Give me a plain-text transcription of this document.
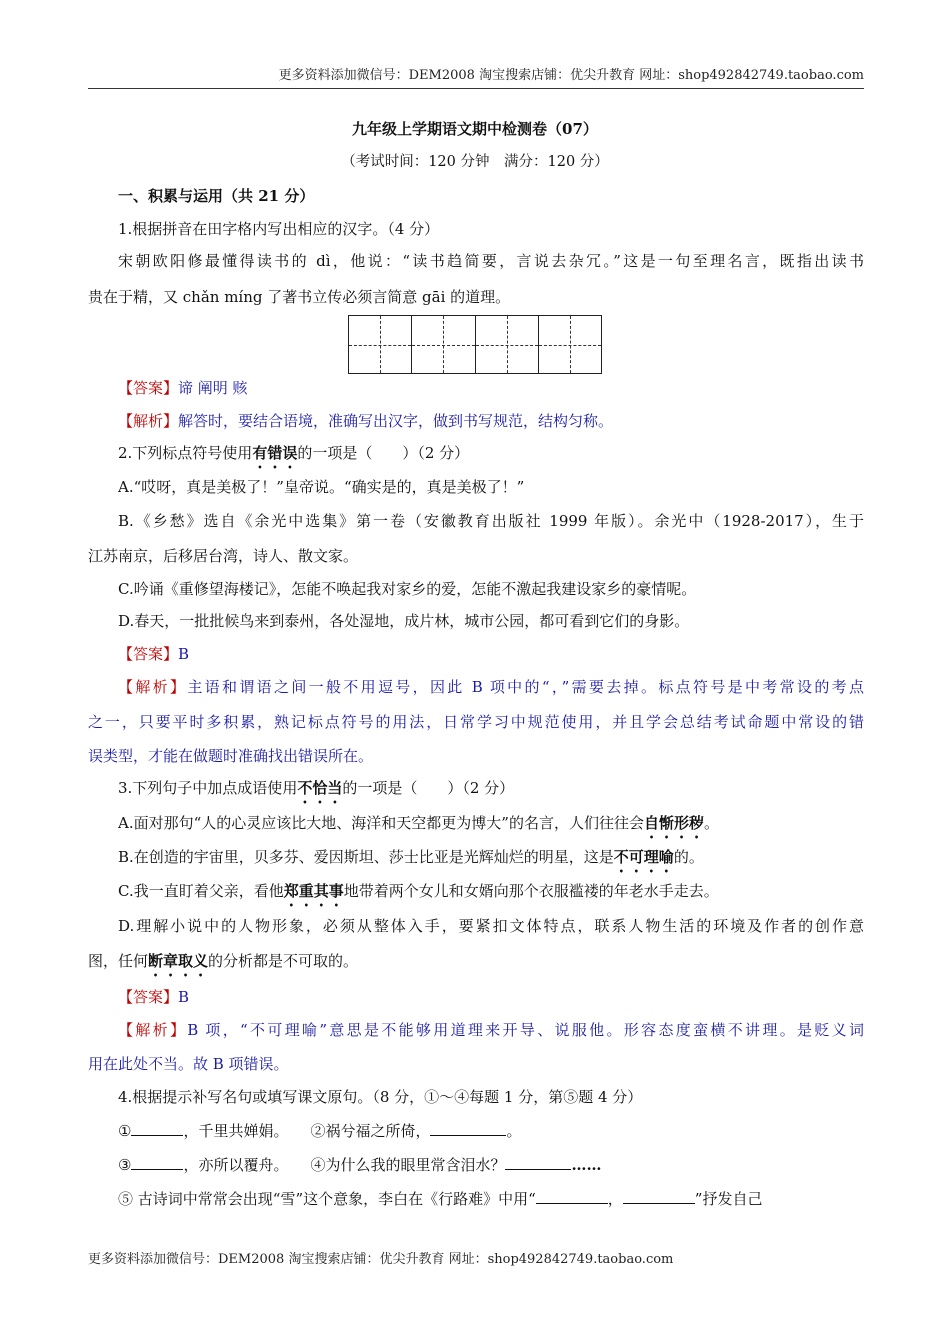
更多资料添加微信号：DEM2008 淘宝搜索店铺：优尖升教育 网址：shop492842749.taobao.com
九年级上学期语文期中检测卷（07）
（考试时间：120 分钟　满分：120 分）
一、积累与运用（共 21 分）
1.根据拼音在田字格内写出相应的汉字。（4 分）
宋朝欧阳修最懂得读书的 dì，他说：“读书趋简要，言说去杂冗。”这是一句至理名言，既指出读书
贵在于精，又 chǎn míng 了著书立传必须言简意 gāi 的道理。
【答案】谛 阐明 赅
【解析】解答时，要结合语境，准确写出汉字，做到书写规范，结构匀称。
2.下列标点符号使用有错误的一项是（　　）（2 分）
A.“哎呀，真是美极了！”皇帝说。“确实是的，真是美极了！”
B.《乡愁》选自《余光中选集》第一卷（安徽教育出版社 1999 年版）。余光中（1928-2017），生于
江苏南京，后移居台湾，诗人、散文家。
C.吟诵《重修望海楼记》，怎能不唤起我对家乡的爱，怎能不激起我建设家乡的豪情呢。
D.春天，一批批候鸟来到泰州，各处湿地，成片林，城市公园，都可看到它们的身影。
【答案】B
【解析】主语和谓语之间一般不用逗号，因此 B 项中的“，”需要去掉。标点符号是中考常设的考点
之一，只要平时多积累，熟记标点符号的用法，日常学习中规范使用，并且学会总结考试命题中常设的错
误类型，才能在做题时准确找出错误所在。
3.下列句子中加点成语使用不恰当的一项是（　　）（2 分）
A.面对那句“人的心灵应该比大地、海洋和天空都更为博大”的名言，人们往往会自惭形秽。
B.在创造的宇宙里，贝多芬、爱因斯坦、莎士比亚是光辉灿烂的明星，这是不可理喻的。
C.我一直盯着父亲，看他郑重其事地带着两个女儿和女婿向那个衣服褴褛的年老水手走去。
D.理解小说中的人物形象，必须从整体入手，要紧扣文体特点，联系人物生活的环境及作者的创作意
图，任何断章取义的分析都是不可取的。
【答案】B
【解析】B 项，“不可理喻”意思是不能够用道理来开导、说服他。形容态度蛮横不讲理。是贬义词
用在此处不当。故 B 项错误。
4.根据提示补写名句或填写课文原句。（8 分，①～④每题 1 分，第⑤题 4 分）
①	，千里共婵娟。 ②祸兮福之所倚，	。
③	，亦所以覆舟。 ④为什么我的眼里常含泪水？	……
⑤ 古诗词中常常会出现“雪”这个意象，李白在《行路难》中用“	，	”抒发自己
更多资料添加微信号：DEM2008 淘宝搜索店铺：优尖升教育 网址：shop492842749.taobao.com
